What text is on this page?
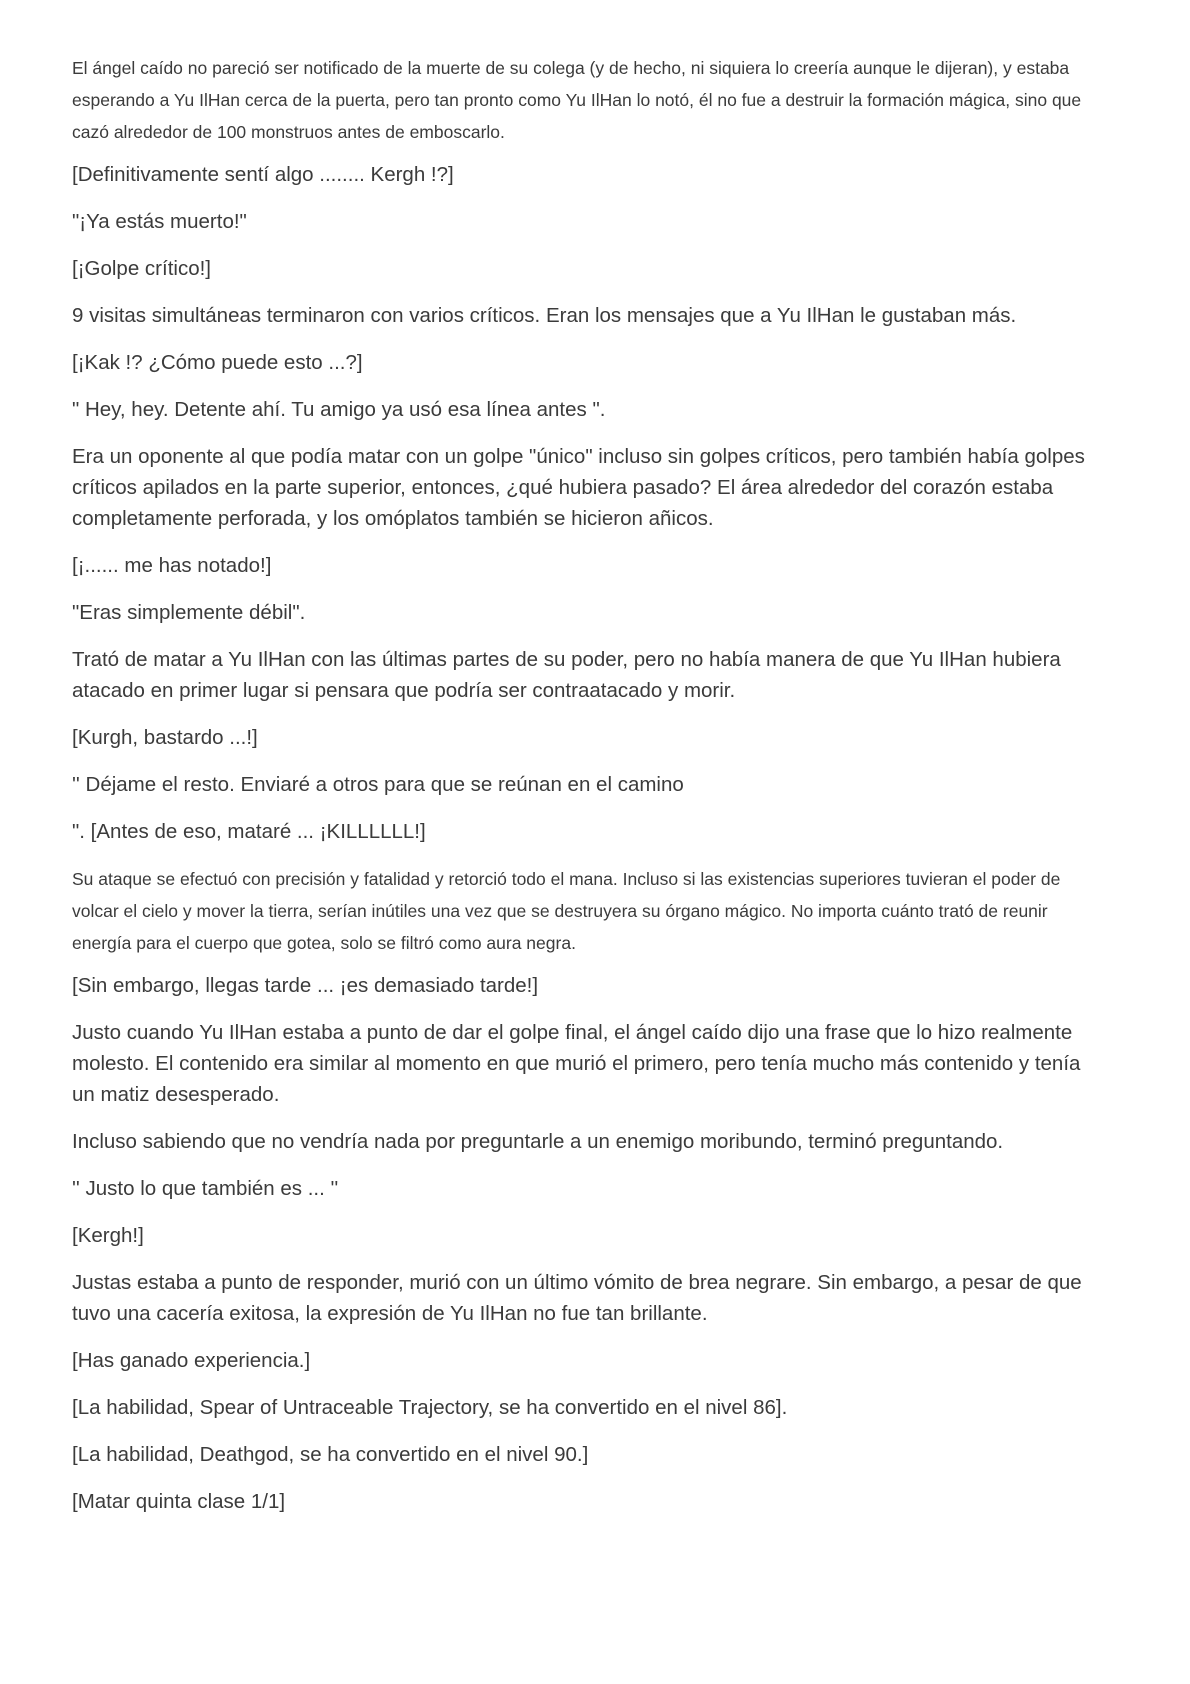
El ángel caído no pareció ser notificado de la muerte de su colega (y de hecho, ni siquiera lo creería aunque le dijeran), y estaba esperando a Yu IlHan cerca de la puerta, pero tan pronto como Yu IlHan lo notó, él no fue a destruir la formación mágica, sino que cazó alrededor de 100 monstruos antes de emboscarlo.

[Definitivamente sentí algo ........ Kergh !?]

"¡Ya estás muerto!"

[¡Golpe crítico!]

9 visitas simultáneas terminaron con varios críticos. Eran los mensajes que a Yu IlHan le gustaban más.

[¡Kak !? ¿Cómo puede esto ...?]

" Hey, hey. Detente ahí. Tu amigo ya usó esa línea antes ".

Era un oponente al que podía matar con un golpe "único" incluso sin golpes críticos, pero también había golpes críticos apilados en la parte superior, entonces, ¿qué hubiera pasado? El área alrededor del corazón estaba completamente perforada, y los omóplatos también se hicieron añicos.

[¡...... me has notado!]

"Eras simplemente débil".

Trató de matar a Yu IlHan con las últimas partes de su poder, pero no había manera de que Yu IlHan hubiera atacado en primer lugar si pensara que podría ser contraatacado y morir.

[Kurgh, bastardo ...!]

'' Déjame el resto. Enviaré a otros para que se reúnan en el camino

". [Antes de eso, mataré ... ¡KILLLLLL!]

Su ataque se efectuó con precisión y fatalidad y retorció todo el mana. Incluso si las existencias superiores tuvieran el poder de volcar el cielo y mover la tierra, serían inútiles una vez que se destruyera su órgano mágico. No importa cuánto trató de reunir energía para el cuerpo que gotea, solo se filtró como aura negra.

[Sin embargo, llegas tarde ... ¡es demasiado tarde!]

Justo cuando Yu IlHan estaba a punto de dar el golpe final, el ángel caído dijo una frase que lo hizo realmente molesto. El contenido era similar al momento en que murió el primero, pero tenía mucho más contenido y tenía un matiz desesperado.

Incluso sabiendo que no vendría nada por preguntarle a un enemigo moribundo, terminó preguntando.

'' Justo lo que también es ... ''

[Kergh!]

Justas estaba a punto de responder, murió con un último vómito de brea negrare. Sin embargo, a pesar de que tuvo una cacería exitosa, la expresión de Yu IlHan no fue tan brillante.

[Has ganado experiencia.]

[La habilidad, Spear of Untraceable Trajectory, se ha convertido en el nivel 86].

[La habilidad, Deathgod, se ha convertido en el nivel 90.]

[Matar quinta clase 1/1]
